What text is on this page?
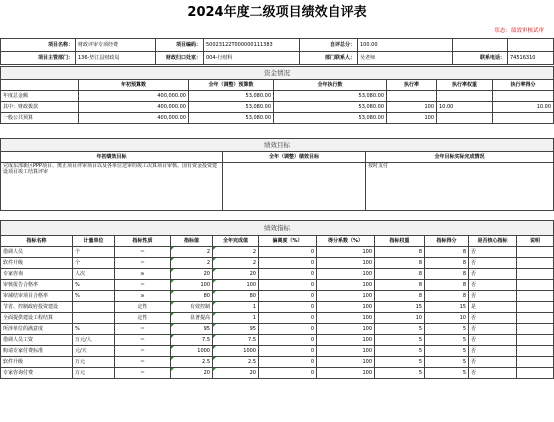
2024年度二级项目绩效自评表
状态：绩效审核试审
项目名称：	财政评审专项经费	项目编码：	50023122T000000111383	自评总分：	100.00		
项目主管部门：	136-垫江县财政局	财政归口处室：	004-行财科	部门联系人：	吴老师	联系电话：	74516310
资金情况						
	年初预算数	全年（调整）预算数	全年执行数	执行率	执行率权重	执行率得分
年度总金额	400,000.00	53,080.00	53,080.00			
其中：财政拨款	400,000.00	53,080.00	53,080.00	100	10.00	10.00
一般公共预算	400,000.00	53,080.00	53,080.00	100		
绩效目标		
年初绩效目标	全年（调整）绩效目标	全年目标实际完成情况
完成东部新区PPP项目、奥正项目评审项目以及各单位送审的竣工决算项目审核、国有资金投资建设项目竣工结算评审		按时支付
绩效指标										
指标名称	计量单位	指标性质	指标值	全年完成值	偏离度（%）	得分系数（%）	指标权重	指标得分	是否核心指标	说明
借调人员	个	＝	2	2	0	100	8	8	否	
软件升级	个	＝	2	2	0	100	8	8	否	
专家咨询	人次	≥	20	20	0	100	8	8	否	
审核报告合格率	%	＝	100	100	0	100	8	8	否	
审减结审项目合格率	%	≥	80	80	0	100	8	8	否	
节省、控制政府投资建设		定性	有效控制	1	0	100	15	15	是	
全面提供建设工程结算		定性	显著提高	1	0	100	10	10	否	
所涉单位的满意度	%	＝	95	95	0	100	5	5	否	
借调人员工资	万元/人	＝	7.5	7.5	0	100	5	5	否	
购请专家付费标准	元/天	＝	1000	1000	0	100	5	5	否	
软件升级	万元	＝	2.5	2.5	0	100	5	5	否	
专家咨询付费	万元	＝	20	20	0	100	5	5	否	
